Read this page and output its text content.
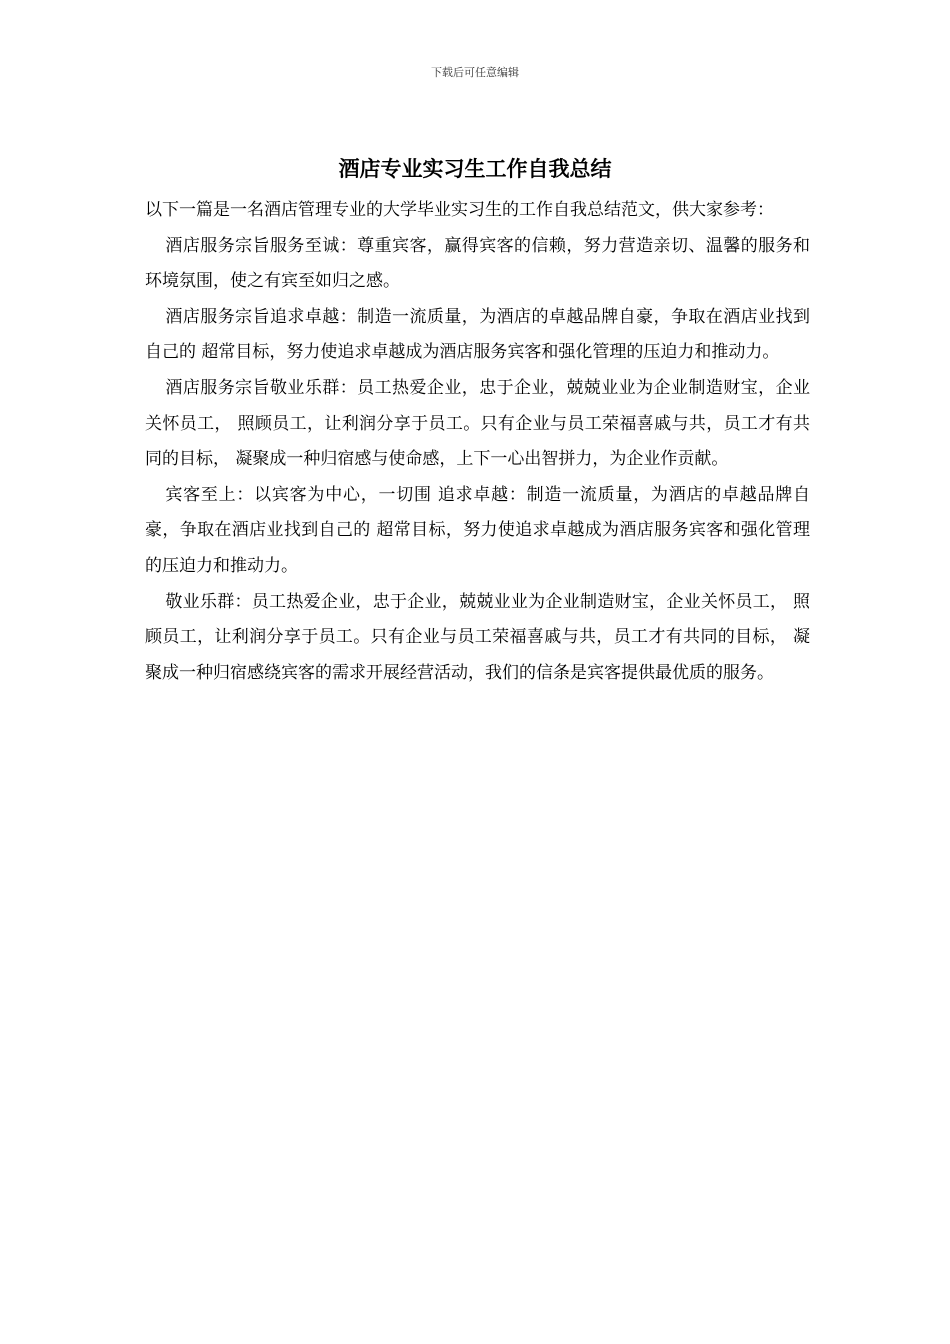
下载后可任意编辑
酒店专业实习生工作自我总结

以下一篇是一名酒店管理专业的大学毕业实习生的工作自我总结范文，供大家参考：

酒店服务宗旨服务至诚：尊重宾客，赢得宾客的信赖，努力营造亲切、温馨的服务和环境氛围，使之有宾至如归之感。

酒店服务宗旨追求卓越：制造一流质量，为酒店的卓越品牌自豪，争取在酒店业找到自己的 超常目标，努力使追求卓越成为酒店服务宾客和强化管理的压迫力和推动力。

酒店服务宗旨敬业乐群：员工热爱企业，忠于企业，兢兢业业为企业制造财宝，企业关怀员工， 照顾员工，让利润分享于员工。只有企业与员工荣福喜戚与共，员工才有共同的目标， 凝聚成一种归宿感与使命感，上下一心出智拼力，为企业作贡献。

宾客至上：以宾客为中心，一切围 追求卓越：制造一流质量，为酒店的卓越品牌自豪，争取在酒店业找到自己的 超常目标，努力使追求卓越成为酒店服务宾客和强化管理的压迫力和推动力。

敬业乐群：员工热爱企业，忠于企业，兢兢业业为企业制造财宝，企业关怀员工， 照顾员工，让利润分享于员工。只有企业与员工荣福喜戚与共，员工才有共同的目标， 凝聚成一种归宿感绕宾客的需求开展经营活动，我们的信条是宾客提供最优质的服务。
